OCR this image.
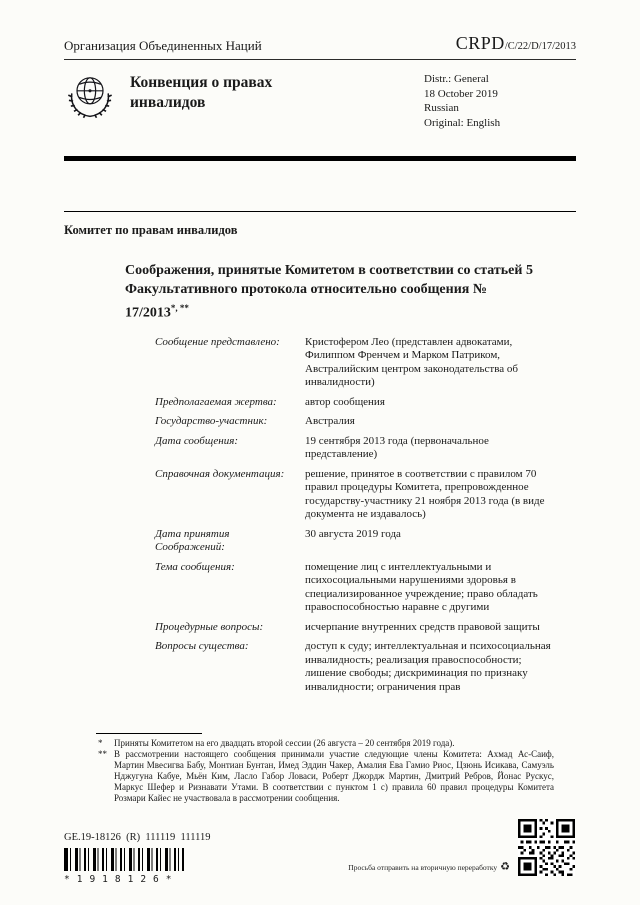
Организация Объединенных Наций	CRPD/C/22/D/17/2013
Конвенция о правах инвалидов
Distr.: General
18 October 2019
Russian
Original: English
Комитет по правам инвалидов
Соображения, принятые Комитетом в соответствии со статьей 5 Факультативного протокола относительно сообщения № 17/2013*, **
Сообщение представлено:	Кристофером Лео (представлен адвокатами, Филиппом Френчем и Марком Патриком, Австралийским центром законодательства об инвалидности)
Предполагаемая жертва:	автор сообщения
Государство-участник:	Австралия
Дата сообщения:	19 сентября 2013 года (первоначальное представление)
Справочная документация:	решение, принятое в соответствии с правилом 70 правил процедуры Комитета, препровожденное государству-участнику 21 ноября 2013 года (в виде документа не издавалось)
Дата принятия Соображений:
30 августа 2019 года
Тема сообщения:	помещение лиц с интеллектуальными и психосоциальными нарушениями здоровья в специализированное учреждение; право обладать правоспособностью наравне с другими
Процедурные вопросы:	исчерпание внутренних средств правовой защиты
Вопросы существа:	доступ к суду; интеллектуальная и психосоциальная инвалидность; реализация правоспособности; лишение свободы; дискриминация по признаку инвалидности; ограничения прав
*	Приняты Комитетом на его двадцать второй сессии (26 августа – 20 сентября 2019 года).
** В рассмотрении настоящего сообщения принимали участие следующие члены Комитета: Ахмад Ас-Саиф, Мартин Мвесигва Бабу, Монтиан Бунтан, Имед Эддин Чакер, Амалия Ева Гамио Риос, Цзюнь Исикава, Самуэль Нджугуна Кабуе, Мьён Ким, Ласло Габор Ловаси, Роберт Джордж Мартин, Дмитрий Ребров, Йонас Рускус, Маркус Шефер и Ризнавати Утами. В соответствии с пунктом 1 с) правила 60 правил процедуры Комитета Розмари Кайес не участвовала в рассмотрении сообщения.
GE.19-18126  (R)  111119  111119
*1918126*
Просьба отправить на вторичную переработку ♻
